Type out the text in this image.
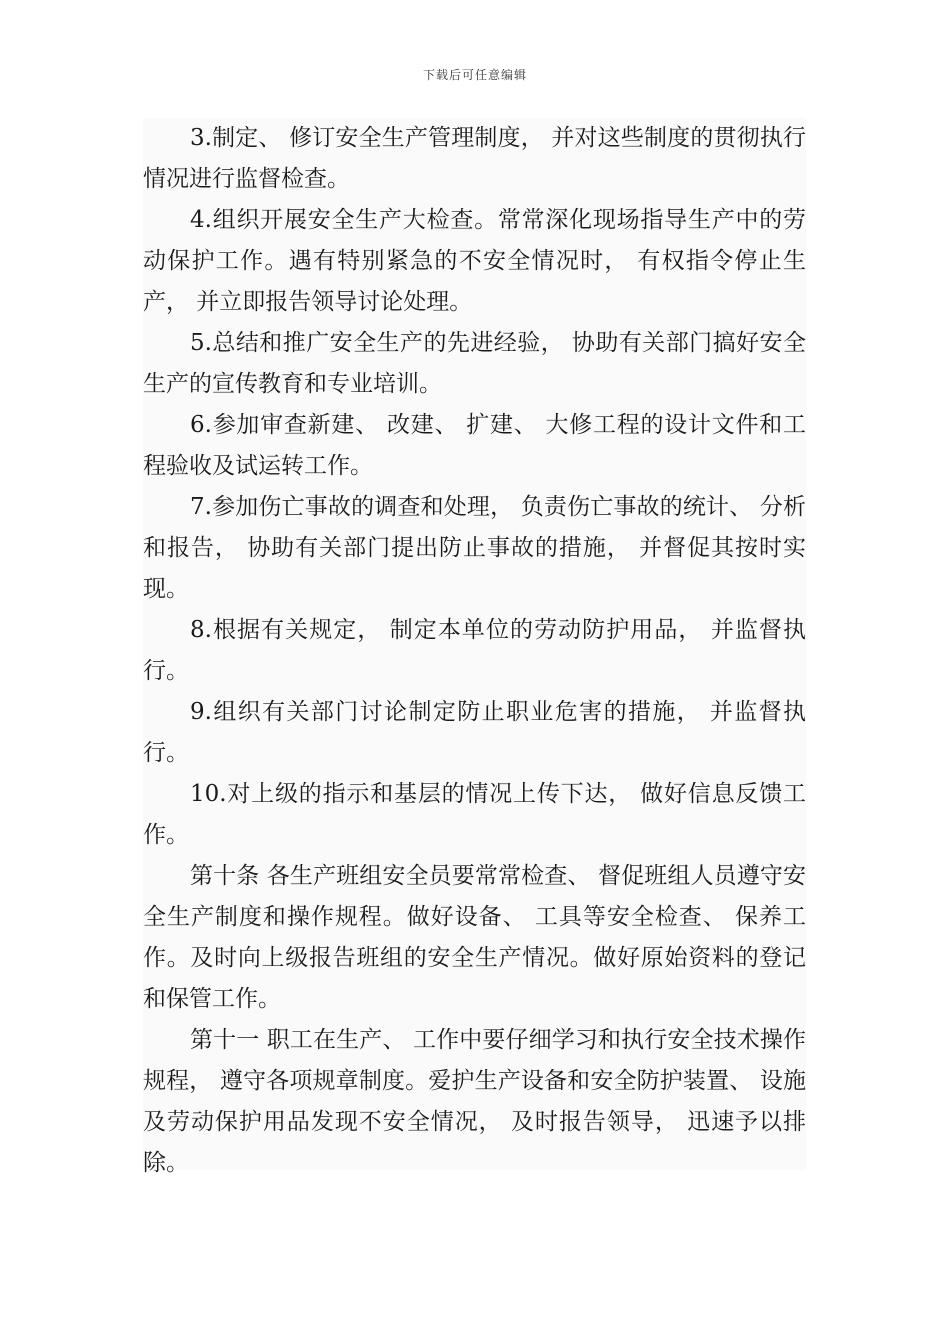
下载后可任意编辑

3.制定、 修订安全生产管理制度， 并对这些制度的贯彻执行情况进行监督检查。

4.组织开展安全生产大检查。常常深化现场指导生产中的劳动保护工作。遇有特别紧急的不安全情况时， 有权指令停止生产， 并立即报告领导讨论处理。

5.总结和推广安全生产的先进经验， 协助有关部门搞好安全生产的宣传教育和专业培训。

6.参加审查新建、 改建、 扩建、 大修工程的设计文件和工程验收及试运转工作。

7.参加伤亡事故的调查和处理， 负责伤亡事故的统计、 分析和报告， 协助有关部门提出防止事故的措施， 并督促其按时实现。

8.根据有关规定， 制定本单位的劳动防护用品， 并监督执行。

9.组织有关部门讨论制定防止职业危害的措施， 并监督执行。

10.对上级的指示和基层的情况上传下达， 做好信息反馈工作。

第十条 各生产班组安全员要常常检查、 督促班组人员遵守安全生产制度和操作规程。做好设备、 工具等安全检查、 保养工作。及时向上级报告班组的安全生产情况。做好原始资料的登记和保管工作。

第十一 职工在生产、 工作中要仔细学习和执行安全技术操作规程， 遵守各项规章制度。爱护生产设备和安全防护装置、 设施及劳动保护用品发现不安全情况， 及时报告领导， 迅速予以排除。
